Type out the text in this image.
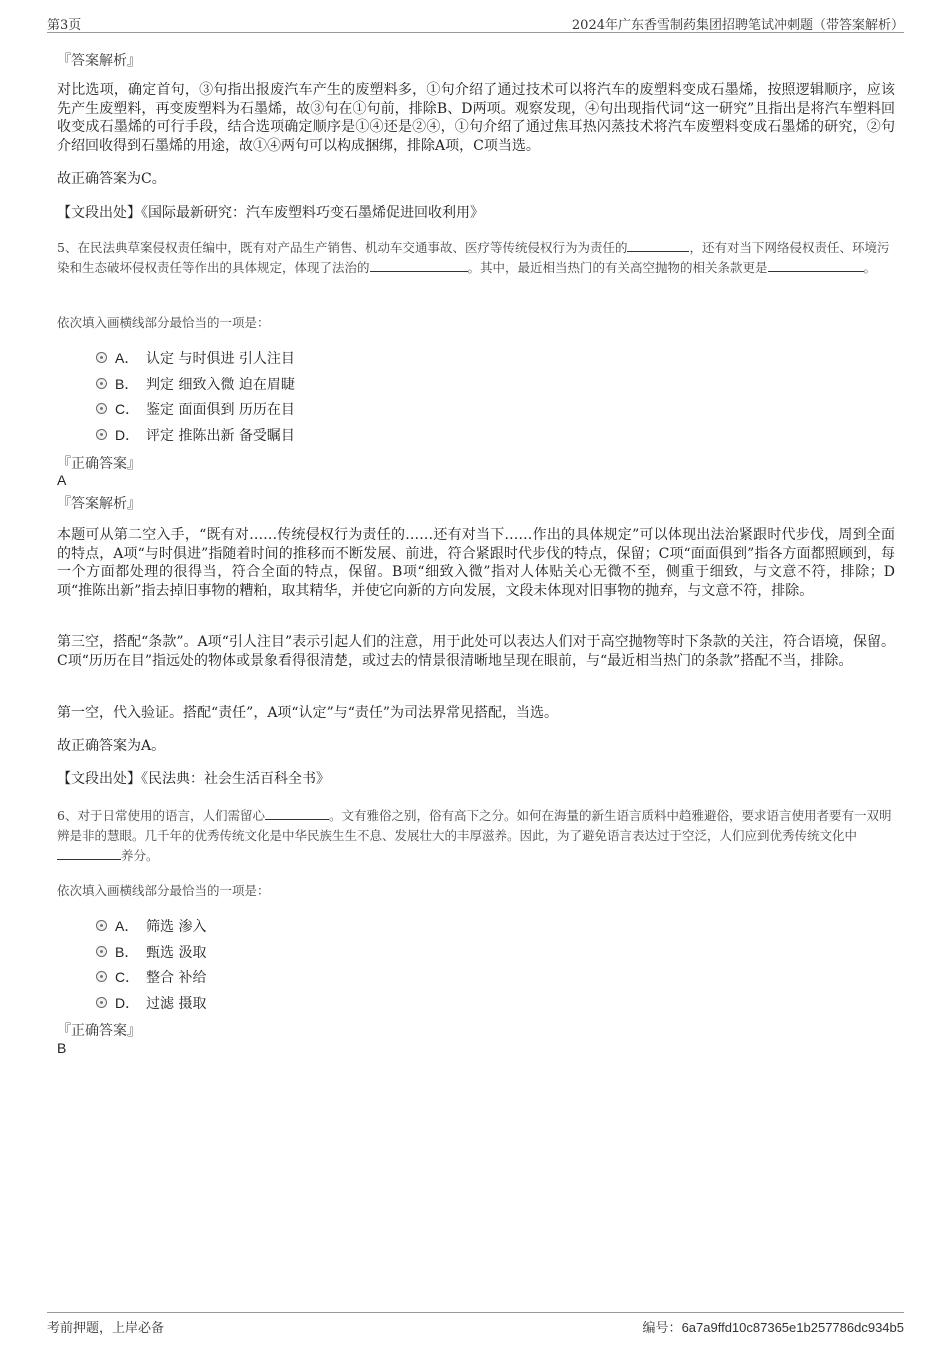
第3页	2024年广东香雪制药集团招聘笔试冲刺题（带答案解析）
『答案解析』
对比选项，确定首句，③句指出报废汽车产生的废塑料多，①句介绍了通过技术可以将汽车的废塑料变成石墨烯，按照逻辑顺序，应该先产生废塑料，再变废塑料为石墨烯，故③句在①句前，排除B、D两项。观察发现，④句出现指代词“这一研究”且指出是将汽车塑料回收变成石墨烯的可行手段，结合选项确定顺序是①④还是②④，①句介绍了通过焦耳热闪蒸技术将汽车废塑料变成石墨烯的研究，②句介绍回收得到石墨烯的用途，故①④两句可以构成捆绑，排除A项，C项当选。
故正确答案为C。
【文段出处】《国际最新研究：汽车废塑料巧变石墨烯促进回收利用》
5、在民法典草案侵权责任编中，既有对产品生产销售、机动车交通事故、医疗等传统侵权行为为责任的	，还有对当下网络侵权责任、环境污染和生态破坏侵权责任等作出的具体规定，体现了法治的	。其中，最近相当热门的有关高空抛物的相关条款更是	。
依次填入画横线部分最恰当的一项是：
A． 认定 与时俱进 引人注目
B． 判定 细致入微 迫在眉睫
C． 鉴定 面面俱到 历历在目
D． 评定 推陈出新 备受瞩目
『正确答案』
A
『答案解析』
本题可从第二空入手，“既有对……传统侵权行为责任的……还有对当下……作出的具体规定”可以体现出法治紧跟时代步伐，周到全面的特点，A项“与时俱进”指随着时间的推移而不断发展、前进，符合紧跟时代步伐的特点，保留；C项“面面俱到”指各方面都照顾到，每一个方面都处理的很得当，符合全面的特点，保留。B项“细致入微”指对人体贴关心无微不至，侧重于细致，与文意不符，排除；D项“推陈出新”指去掉旧事物的糟粕，取其精华，并使它向新的方向发展，文段未体现对旧事物的抛弃，与文意不符，排除。
第三空，搭配“条款”。A项“引人注目”表示引起人们的注意，用于此处可以表达人们对于高空抛物等时下条款的关注，符合语境，保留。C项“历历在目”指远处的物体或景象看得很清楚，或过去的情景很清晰地呈现在眼前，与“最近相当热门的条款”搭配不当，排除。
第一空，代入验证。搭配“责任”，A项“认定”与“责任”为司法界常见搭配，当选。
故正确答案为A。
【文段出处】《民法典：社会生活百科全书》
6、对于日常使用的语言，人们需留心	。文有雅俗之别，俗有高下之分。如何在海量的新生语言质料中趋雅避俗，要求语言使用者要有一双明辨是非的慧眼。几千年的优秀传统文化是中华民族生生不息、发展壮大的丰厚滋养。因此，为了避免语言表达过于空泛，人们应到优秀传统文化中养分。
依次填入画横线部分最恰当的一项是：
A． 筛选 渗入
B． 甄选 汲取
C． 整合 补给
D． 过滤 摄取
『正确答案』
B
考前押题，上岸必备	编号：6a7a9ffd10c87365e1b257786dc934b5
